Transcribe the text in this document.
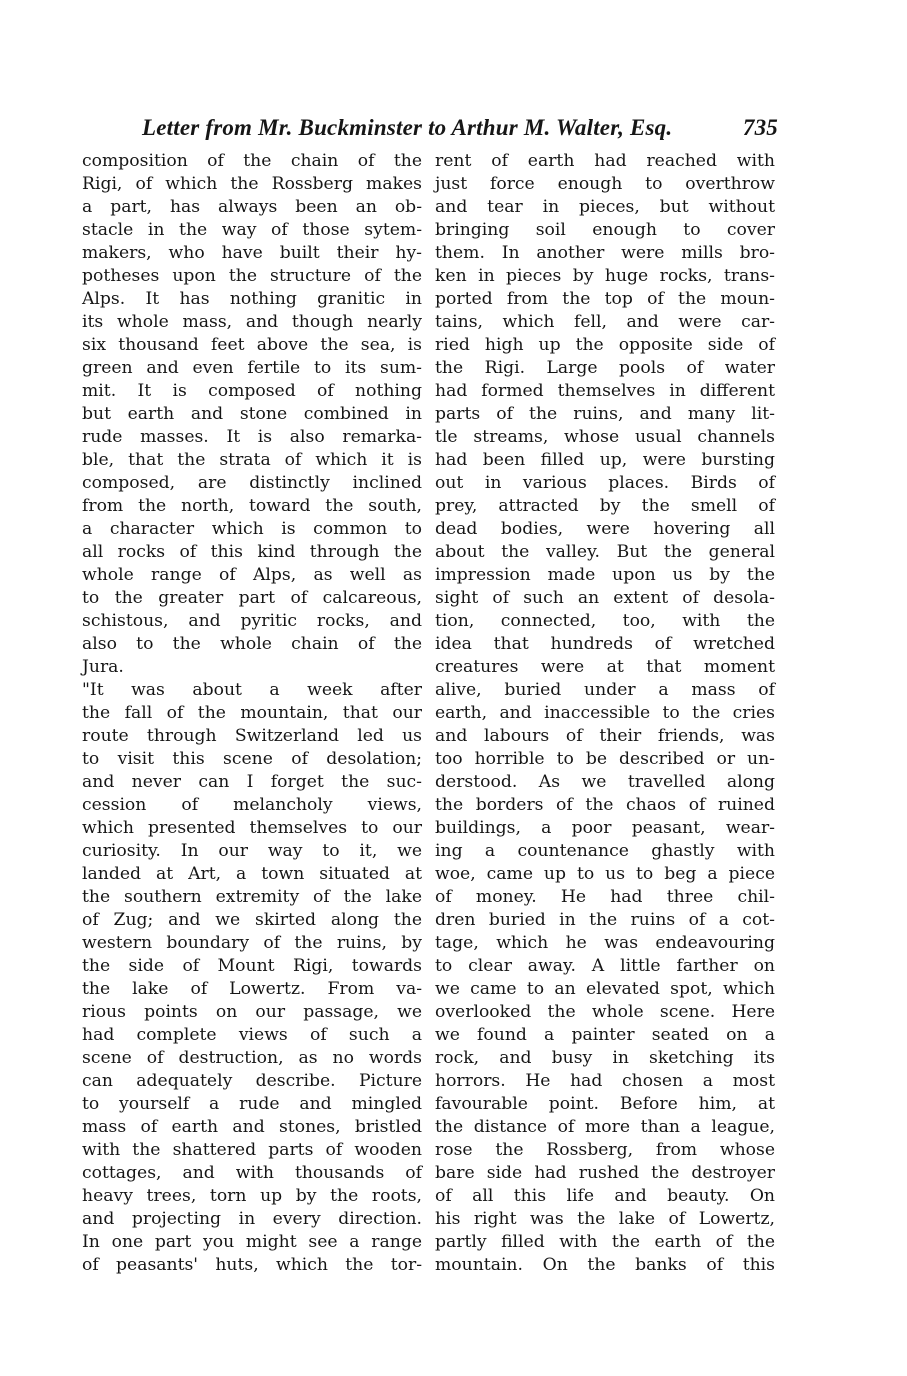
Letter from Mr. Buckminster to Arthur M. Walter, Esq.	735
composition of the chain of the
Rigi, of which the Rossberg makes
a part, has always been an ob-
stacle in the way of those sytem-
makers, who have built their hy-
potheses upon the structure of the
Alps. It has nothing granitic in
its whole mass, and though nearly
six thousand feet above the sea, is
green and even fertile to its sum-
mit. It is composed of nothing
but earth and stone combined in
rude masses. It is also remarka-
ble, that the strata of which it is
composed, are distinctly inclined
from the north, toward the south,
a character which is common to
all rocks of this kind through the
whole range of Alps, as well as
to the greater part of calcareous,
schistous, and pyritic rocks, and
also to the whole chain of the
Jura.
"It was about a week after
the fall of the mountain, that our
route through Switzerland led us
to visit this scene of desolation;
and never can I forget the suc-
cession of melancholy views,
which presented themselves to our
curiosity. In our way to it, we
landed at Art, a town situated at
the southern extremity of the lake
of Zug; and we skirted along the
western boundary of the ruins, by
the side of Mount Rigi, towards
the lake of Lowertz. From va-
rious points on our passage, we
had complete views of such a
scene of destruction, as no words
can adequately describe. Picture
to yourself a rude and mingled
mass of earth and stones, bristled
with the shattered parts of wooden
cottages, and with thousands of
heavy trees, torn up by the roots,
and projecting in every direction.
In one part you might see a range
of peasants' huts, which the tor-
rent of earth had reached with
just force enough to overthrow
and tear in pieces, but without
bringing soil enough to cover
them. In another were mills bro-
ken in pieces by huge rocks, trans-
ported from the top of the moun-
tains, which fell, and were car-
ried high up the opposite side of
the Rigi. Large pools of water
had formed themselves in different
parts of the ruins, and many lit-
tle streams, whose usual channels
had been filled up, were bursting
out in various places. Birds of
prey, attracted by the smell of
dead bodies, were hovering all
about the valley. But the general
impression made upon us by the
sight of such an extent of desola-
tion, connected, too, with the
idea that hundreds of wretched
creatures were at that moment
alive, buried under a mass of
earth, and inaccessible to the cries
and labours of their friends, was
too horrible to be described or un-
derstood. As we travelled along
the borders of the chaos of ruined
buildings, a poor peasant, wear-
ing a countenance ghastly with
woe, came up to us to beg a piece
of money. He had three chil-
dren buried in the ruins of a cot-
tage, which he was endeavouring
to clear away. A little farther on
we came to an elevated spot, which
overlooked the whole scene. Here
we found a painter seated on a
rock, and busy in sketching its
horrors. He had chosen a most
favourable point. Before him, at
the distance of more than a league,
rose the Rossberg, from whose
bare side had rushed the destroyer
of all this life and beauty. On
his right was the lake of Lowertz,
partly filled with the earth of the
mountain. On the banks of this
